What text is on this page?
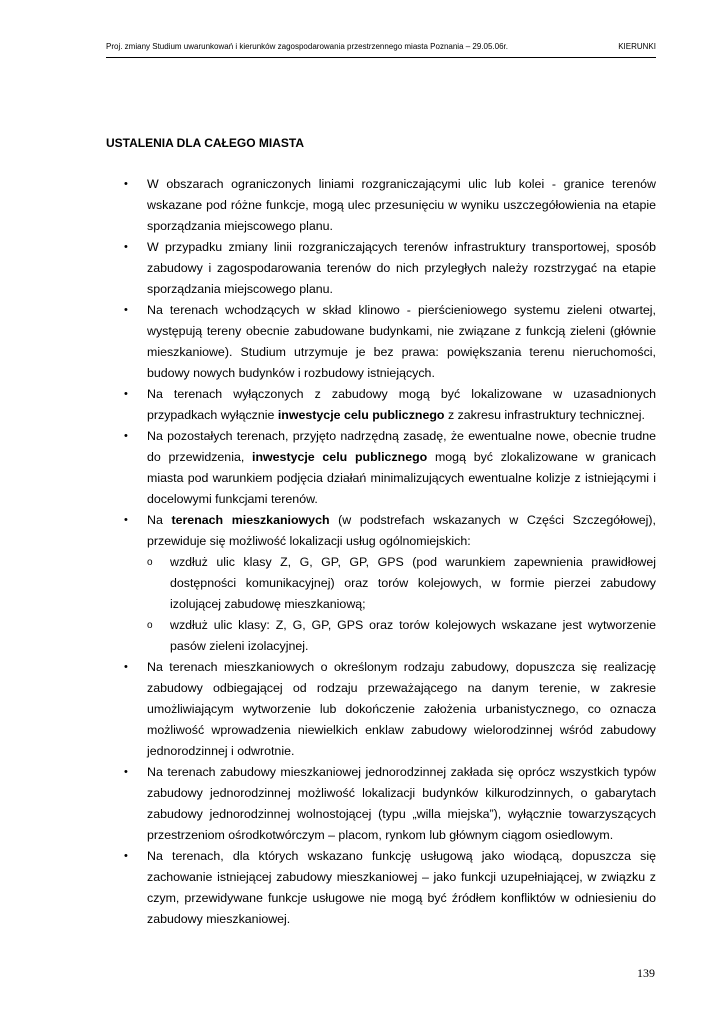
Proj. zmiany Studium uwarunkowań i kierunków zagospodarowania przestrzennego miasta Poznania – 29.05.06r.	KIERUNKI
USTALENIA DLA CAŁEGO MIASTA
• W obszarach ograniczonych liniami rozgraniczającymi ulic lub kolei - granice terenów wskazane pod różne funkcje, mogą ulec przesunięciu w wyniku uszczegółowienia na etapie sporządzania miejscowego planu.
• W przypadku zmiany linii rozgraniczających terenów infrastruktury transportowej, sposób zabudowy i zagospodarowania terenów do nich przyległych należy rozstrzygać na etapie sporządzania miejscowego planu.
• Na terenach wchodzących w skład klinowo - pierścieniowego systemu zieleni otwartej, występują tereny obecnie zabudowane budynkami, nie związane z funkcją zieleni (głównie mieszkaniowe). Studium utrzymuje je bez prawa: powiększania terenu nieruchomości, budowy nowych budynków i rozbudowy istniejących.
• Na terenach wyłączonych z zabudowy mogą być lokalizowane w uzasadnionych przypadkach wyłącznie inwestycje celu publicznego z zakresu infrastruktury technicznej.
• Na pozostałych terenach, przyjęto nadrzędną zasadę, że ewentualne nowe, obecnie trudne do przewidzenia, inwestycje celu publicznego mogą być zlokalizowane w granicach miasta pod warunkiem podjęcia działań minimalizujących ewentualne kolizje z istniejącymi i docelowymi funkcjami terenów.
• Na terenach mieszkaniowych (w podstrefach wskazanych w Części Szczegółowej), przewiduje się możliwość lokalizacji usług ogólnomiejskich:
o wzdłuż ulic klasy Z, G, GP, GP, GPS (pod warunkiem zapewnienia prawidłowej dostępności komunikacyjnej) oraz torów kolejowych, w formie pierzei zabudowy izolującej zabudowę mieszkaniową;
o wzdłuż ulic klasy: Z, G, GP, GPS oraz torów kolejowych wskazane jest wytworzenie pasów zieleni izolacyjnej.
• Na terenach mieszkaniowych o określonym rodzaju zabudowy, dopuszcza się realizację zabudowy odbiegającej od rodzaju przeważającego na danym terenie, w zakresie umożliwiającym wytworzenie lub dokończenie założenia urbanistycznego, co oznacza możliwość wprowadzenia niewielkich enklaw zabudowy wielorodzinnej wśród zabudowy jednorodzinnej i odwrotnie.
• Na terenach zabudowy mieszkaniowej jednorodzinnej zakłada się oprócz wszystkich typów zabudowy jednorodzinnej możliwość lokalizacji budynków kilkurodzinnych, o gabarytach zabudowy jednorodzinnej wolnostojącej (typu „willa miejska”), wyłącznie towarzyszących przestrzeniom ośrodkotwórczym – placom, rynkom lub głównym ciągom osiedlowym.
• Na terenach, dla których wskazano funkcję usługową jako wiodącą, dopuszcza się zachowanie istniejącej zabudowy mieszkaniowej – jako funkcji uzupełniającej, w związku z czym, przewidywane funkcje usługowe nie mogą być źródłem konfliktów w odniesieniu do zabudowy mieszkaniowej.
139
